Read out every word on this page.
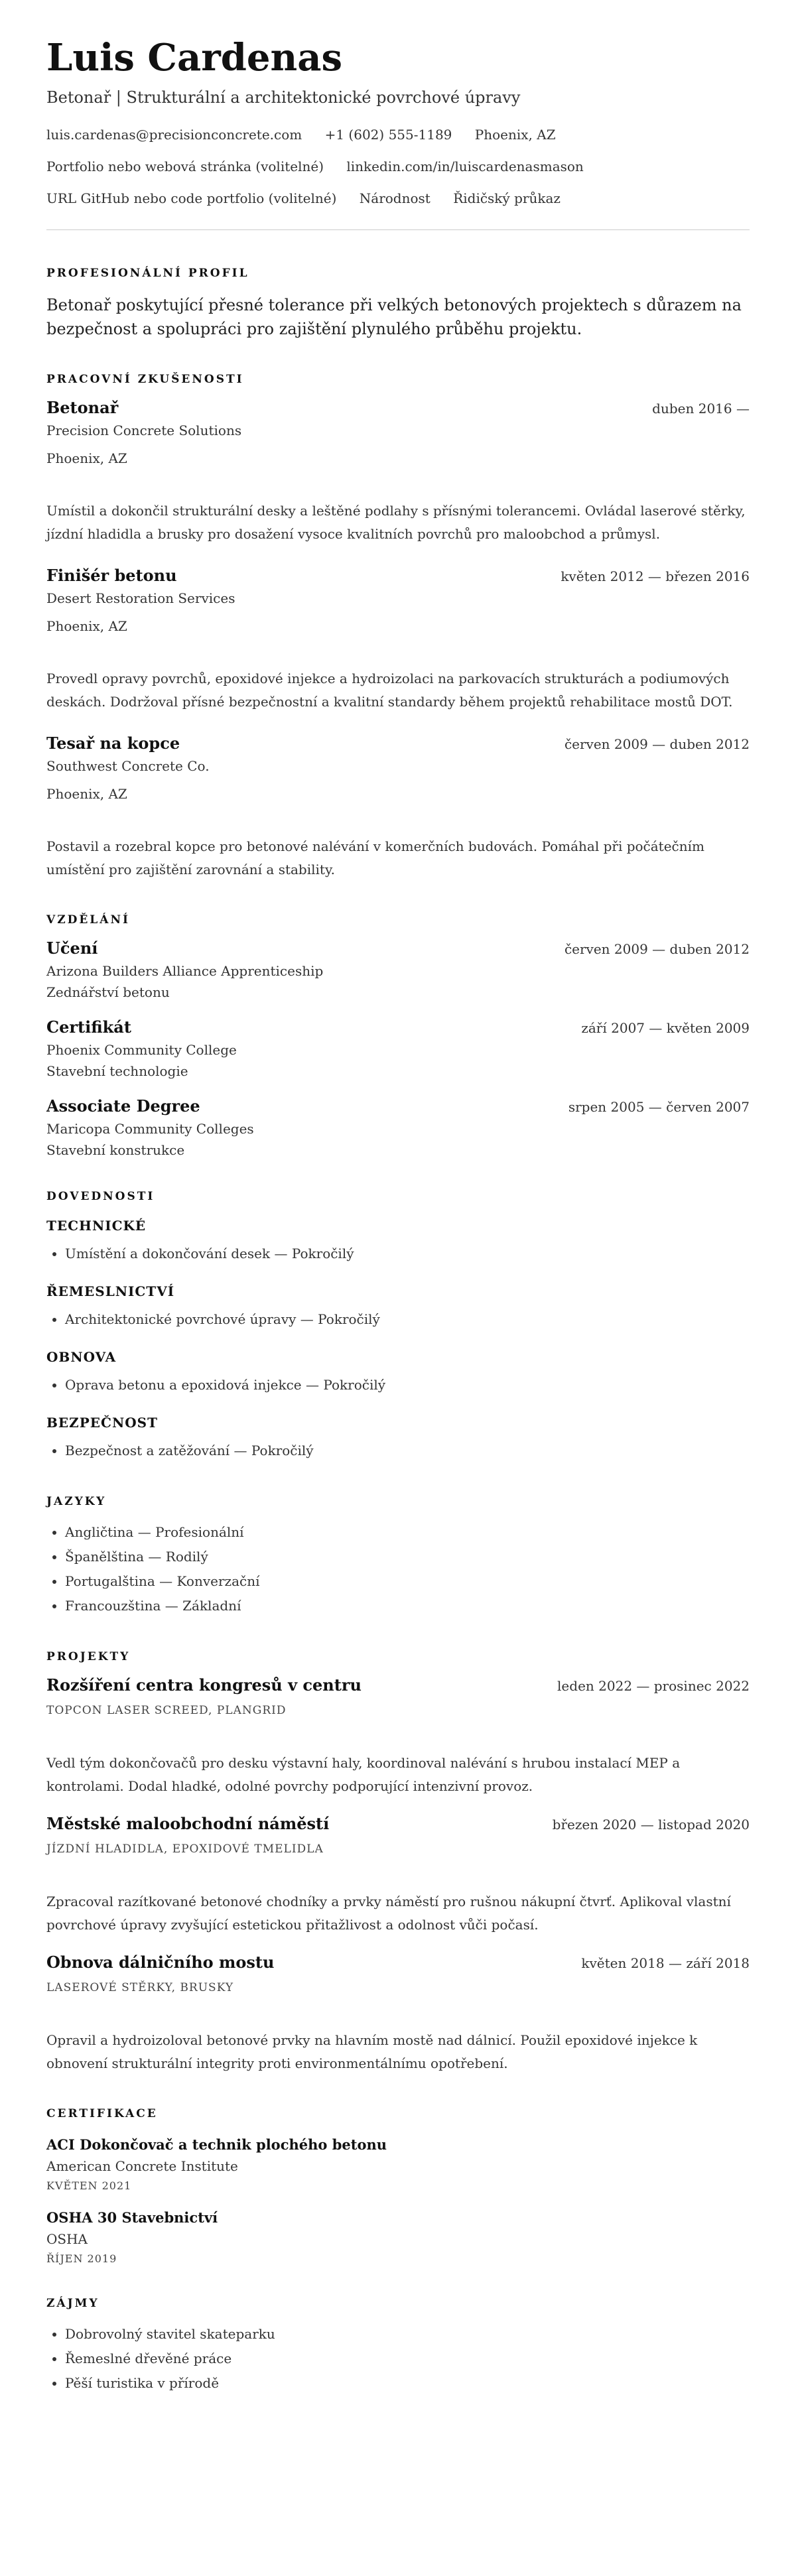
Luis Cardenas
Betonař | Strukturální a architektonické povrchové úpravy
luis.cardenas@precisionconcrete.com +1 (602) 555-1189 Phoenix, AZ
Portfolio nebo webová stránka (volitelné) linkedin.com/in/luiscardenasmason
URL GitHub nebo code portfolio (volitelné) Národnost Řidičský průkaz
PROFESIONÁLNÍ PROFIL
Betonař poskytující přesné tolerance při velkých betonových projektech s důrazem na bezpečnost a spolupráci pro zajištění plynulého průběhu projektu.
PRACOVNÍ ZKUŠENOSTI
Betonař	duben 2016 —
Precision Concrete Solutions
Phoenix, AZ
Umístil a dokončil strukturální desky a leštěné podlahy s přísnými tolerancemi. Ovládal laserové stěrky, jízdní hladidla a brusky pro dosažení vysoce kvalitních povrchů pro maloobchod a průmysl.
Finišér betonu	květen 2012 — březen 2016
Desert Restoration Services
Phoenix, AZ
Provedl opravy povrchů, epoxidové injekce a hydroizolaci na parkovacích strukturách a podiumových deskách. Dodržoval přísné bezpečnostní a kvalitní standardy během projektů rehabilitace mostů DOT.
Tesař na kopce	červen 2009 — duben 2012
Southwest Concrete Co.
Phoenix, AZ
Postavil a rozebral kopce pro betonové nalévání v komerčních budovách. Pomáhal při počátečním umístění pro zajištění zarovnání a stability.
VZDĚLÁNÍ
Učení	červen 2009 — duben 2012
Arizona Builders Alliance Apprenticeship
Zednářství betonu
Certifikát	září 2007 — květen 2009
Phoenix Community College
Stavební technologie
Associate Degree	srpen 2005 — červen 2007
Maricopa Community Colleges
Stavební konstrukce
DOVEDNOSTI
TECHNICKÉ
• Umístění a dokončování desek — Pokročilý
ŘEMESLNICTVÍ
• Architektonické povrchové úpravy — Pokročilý
OBNOVA
• Oprava betonu a epoxidová injekce — Pokročilý
BEZPEČNOST
• Bezpečnost a zatěžování — Pokročilý
JAZYKY
• Angličtina — Profesionální
• Španělština — Rodilý
• Portugalština — Konverzační
• Francouzština — Základní
PROJEKTY
Rozšíření centra kongresů v centru	leden 2022 — prosinec 2022
TOPCON LASER SCREED, PLANGRID
Vedl tým dokončovačů pro desku výstavní haly, koordinoval nalévání s hrubou instalací MEP a kontrolami. Dodal hladké, odolné povrchy podporující intenzivní provoz.
Městské maloobchodní náměstí	březen 2020 — listopad 2020
JÍZDNÍ HLADIDLA, EPOXIDOVÉ TMELIDLA
Zpracoval razítkované betonové chodníky a prvky náměstí pro rušnou nákupní čtvrť. Aplikoval vlastní povrchové úpravy zvyšující estetickou přitažlivost a odolnost vůči počasí.
Obnova dálničního mostu	květen 2018 — září 2018
LASEROVÉ STĚRKY, BRUSKY
Opravil a hydroizoloval betonové prvky na hlavním mostě nad dálnicí. Použil epoxidové injekce k obnovení strukturální integrity proti environmentálnímu opotřebení.
CERTIFIKACE
ACI Dokončovač a technik plochého betonu
American Concrete Institute
KVĚTEN 2021
OSHA 30 Stavebnictví
OSHA
ŘÍJEN 2019
ZÁJMY
• Dobrovolný stavitel skateparku
• Řemeslné dřevěné práce
• Pěší turistika v přírodě
